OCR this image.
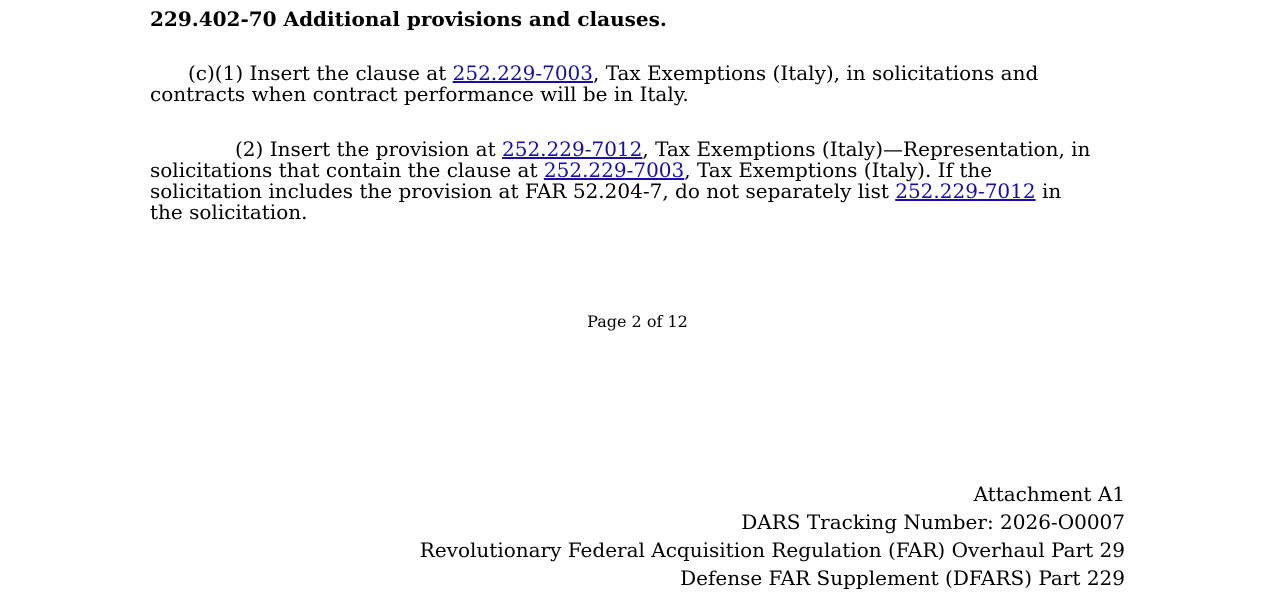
229.402-70 Additional provisions and clauses.

(c)(1) Insert the clause at 252.229-7003, Tax Exemptions (Italy), in solicitations and contracts when contract performance will be in Italy.

(2) Insert the provision at 252.229-7012, Tax Exemptions (Italy)—Representation, in solicitations that contain the clause at 252.229-7003, Tax Exemptions (Italy). If the solicitation includes the provision at FAR 52.204-7, do not separately list 252.229-7012 in the solicitation.

Page 2 of 12
Attachment A1
DARS Tracking Number: 2026-O0007
Revolutionary Federal Acquisition Regulation (FAR) Overhaul Part 29
Defense FAR Supplement (DFARS) Part 229
